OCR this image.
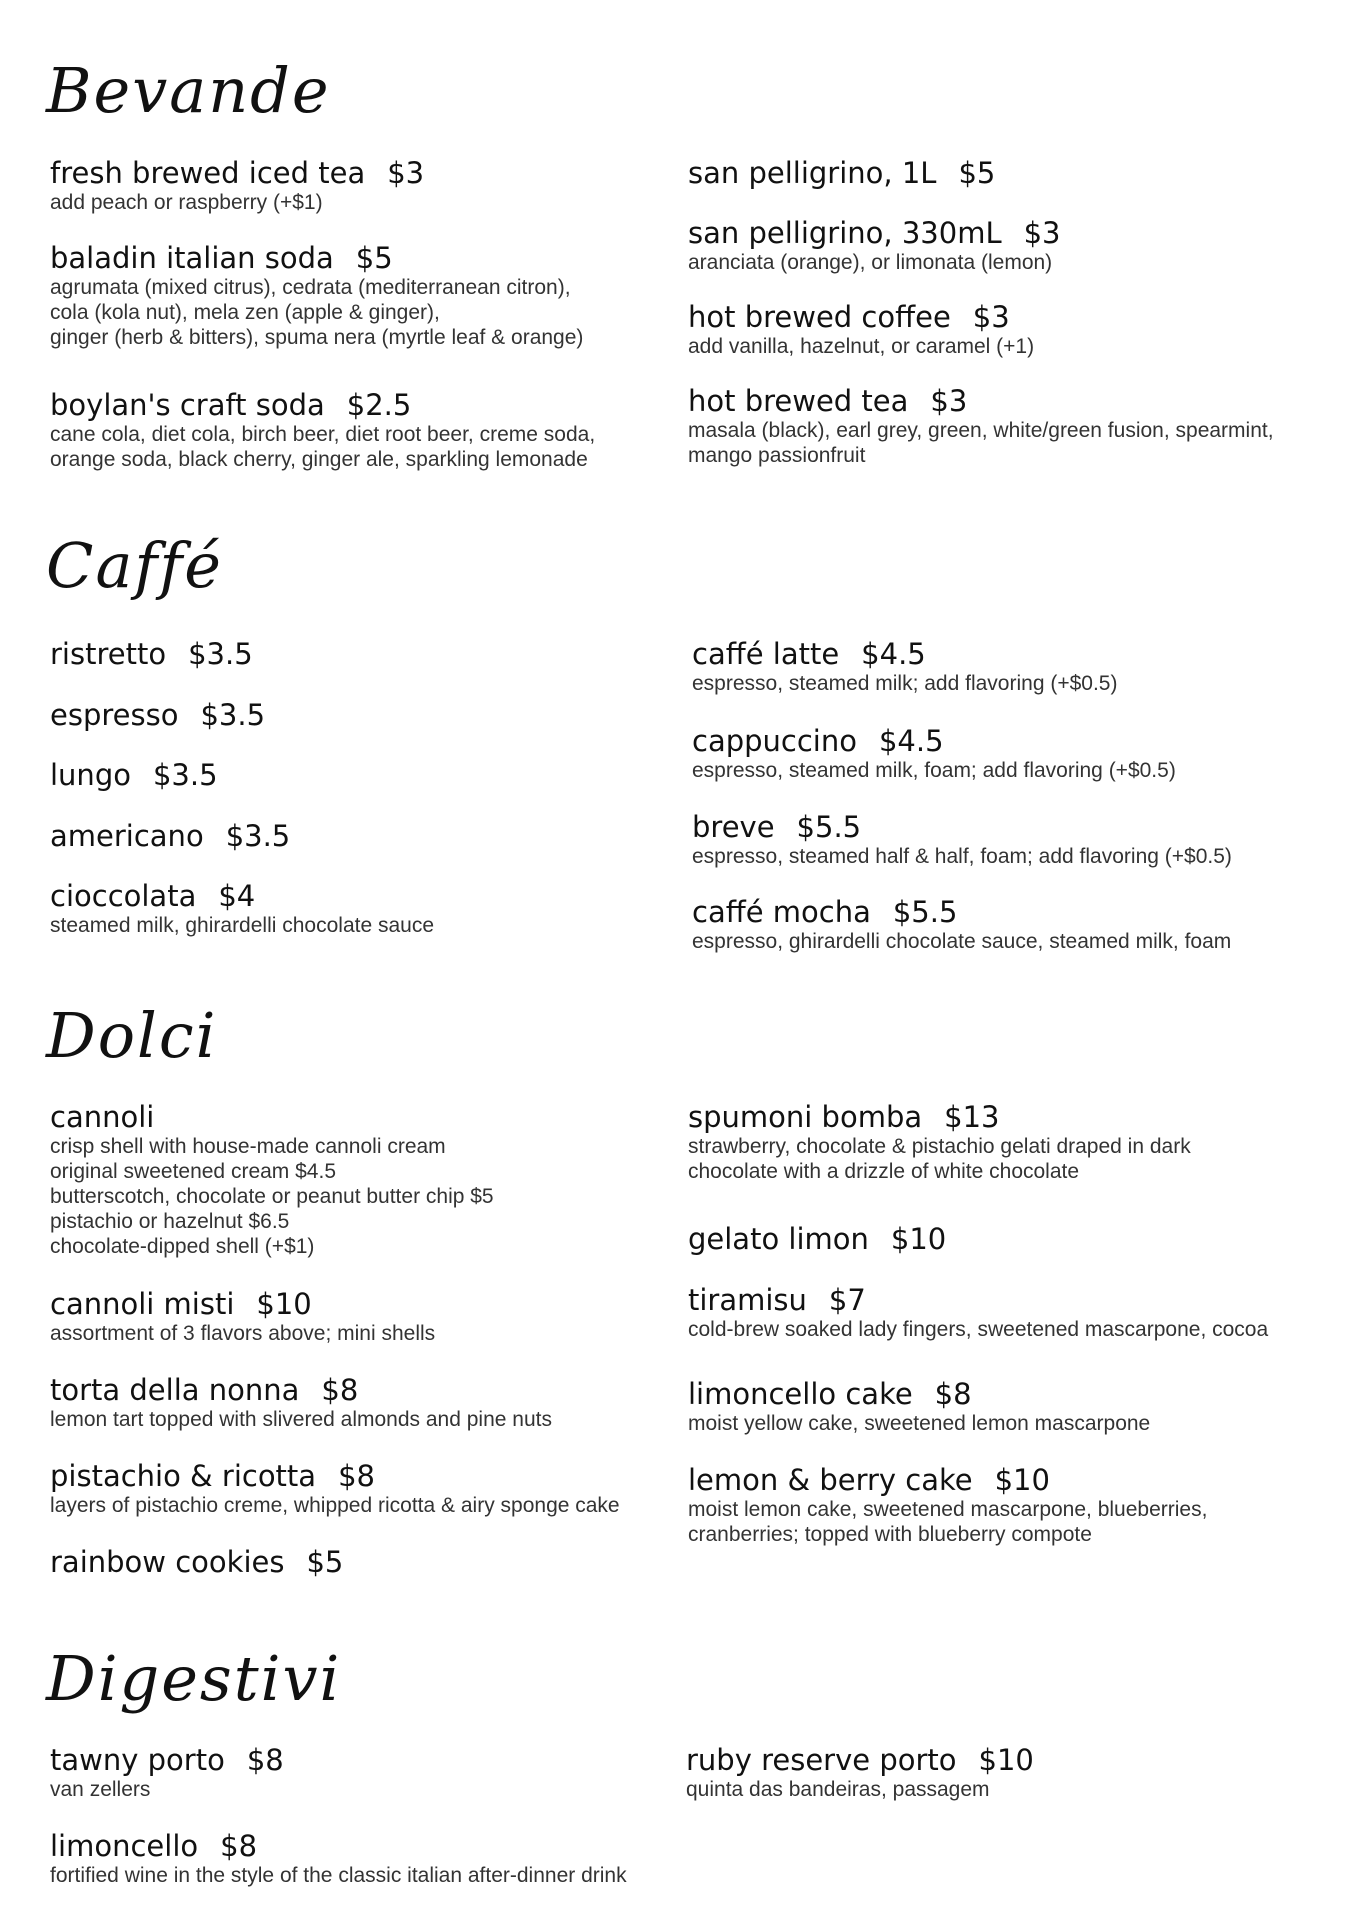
Bevande
Caffé
Dolci
Digestivi
fresh brewed iced tea $3
add peach or raspberry (+$1)
baladin italian soda $5
agrumata (mixed citrus), cedrata (mediterranean citron),
cola (kola nut), mela zen (apple & ginger),
ginger (herb & bitters), spuma nera (myrtle leaf & orange)
boylan's craft soda $2.5
cane cola, diet cola, birch beer, diet root beer, creme soda,
orange soda, black cherry, ginger ale, sparkling lemonade
san pelligrino, 1L $5
san pelligrino, 330mL $3
aranciata (orange), or limonata (lemon)
hot brewed coffee $3
add vanilla, hazelnut, or caramel (+1)
hot brewed tea $3
masala (black), earl grey, green, white/green fusion, spearmint,
mango passionfruit
ristretto $3.5
espresso $3.5
lungo $3.5
americano $3.5
cioccolata $4
steamed milk, ghirardelli chocolate sauce
caffé latte $4.5
espresso, steamed milk; add flavoring (+$0.5)
cappuccino $4.5
espresso, steamed milk, foam; add flavoring (+$0.5)
breve $5.5
espresso, steamed half & half, foam; add flavoring (+$0.5)
caffé mocha $5.5
espresso, ghirardelli chocolate sauce, steamed milk, foam
cannoli
crisp shell with house-made cannoli cream
original sweetened cream $4.5
butterscotch, chocolate or peanut butter chip $5
pistachio or hazelnut $6.5
chocolate-dipped shell (+$1)
cannoli misti $10
assortment of 3 flavors above; mini shells
torta della nonna $8
lemon tart topped with slivered almonds and pine nuts
pistachio & ricotta $8
layers of pistachio creme, whipped ricotta & airy sponge cake
rainbow cookies $5
spumoni bomba $13
strawberry, chocolate & pistachio gelati draped in dark
chocolate with a drizzle of white chocolate
gelato limon $10
tiramisu $7
cold-brew soaked lady fingers, sweetened mascarpone, cocoa
limoncello cake $8
moist yellow cake, sweetened lemon mascarpone
lemon & berry cake $10
moist lemon cake, sweetened mascarpone, blueberries,
cranberries; topped with blueberry compote
tawny porto $8
van zellers
limoncello $8
fortified wine in the style of the classic italian after-dinner drink
ruby reserve porto $10
quinta das bandeiras, passagem
